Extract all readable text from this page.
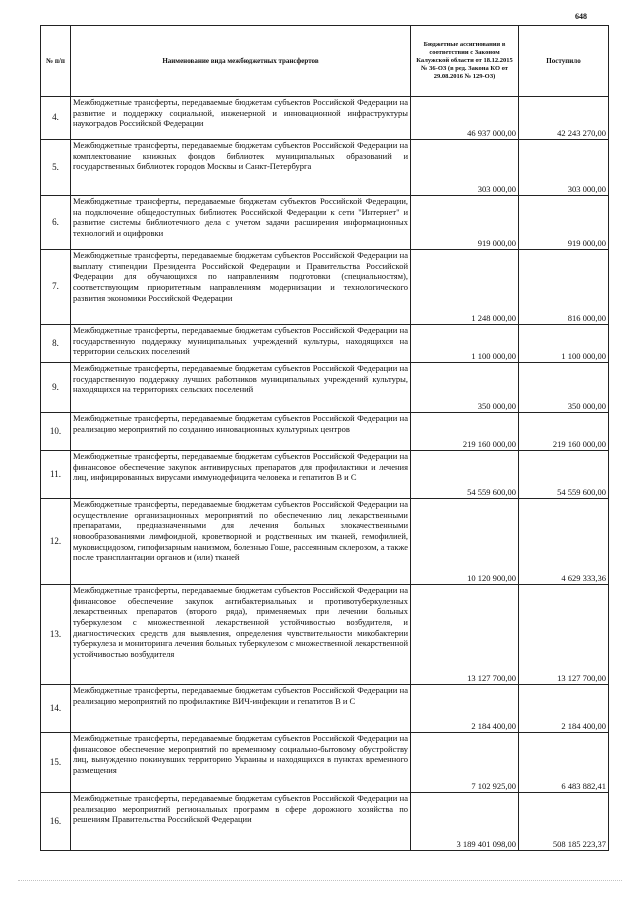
648
№ п/п	Наименование вида межбюджетных трансфертов	Бюджетные ассигнования в соответствии с Законом Калужской области от 18.12.2015 № 36-ОЗ (в ред. Закона КО от 29.08.2016 № 129-ОЗ)	Поступило
4.	Межбюджетные трансферты, передаваемые бюджетам субъектов Российской Федерации на развитие и поддержку социальной, инженерной и инновационной инфраструктуры наукоградов Российской Федерации	46 937 000,00	42 243 270,00
5.	Межбюджетные трансферты, передаваемые бюджетам субъектов Российской Федерации на комплектование книжных фондов библиотек муниципальных образований и государственных библиотек городов Москвы и Санкт-Петербурга	303 000,00	303 000,00
6.	Межбюджетные трансферты, передаваемые бюджетам субъектов Российской Федерации, на подключение общедоступных библиотек Российской Федерации к сети "Интернет" и развитие системы библиотечного дела с учетом задачи расширения информационных технологий и оцифровки	919 000,00	919 000,00
7.	Межбюджетные трансферты, передаваемые бюджетам субъектов Российской Федерации на выплату стипендии Президента Российской Федерации и Правительства Российской Федерации для обучающихся по направлениям подготовки (специальностям), соответствующим приоритетным направлениям модернизации и технологического развития экономики Российской Федерации	1 248 000,00	816 000,00
8.	Межбюджетные трансферты, передаваемые бюджетам субъектов Российской Федерации на государственную поддержку муниципальных учреждений культуры, находящихся на территории сельских поселений	1 100 000,00	1 100 000,00
9.	Межбюджетные трансферты, передаваемые бюджетам субъектов Российской Федерации на государственную поддержку лучших работников муниципальных учреждений культуры, находящихся на территориях сельских поселений	350 000,00	350 000,00
10.	Межбюджетные трансферты, передаваемые бюджетам субъектов Российской Федерации на реализацию мероприятий по созданию инновационных культурных центров	219 160 000,00	219 160 000,00
11.	Межбюджетные трансферты, передаваемые бюджетам субъектов Российской Федерации на финансовое обеспечение закупок антивирусных препаратов для профилактики и лечения лиц, инфицированных вирусами иммунодефицита человека и гепатитов В и С	54 559 600,00	54 559 600,00
12.	Межбюджетные трансферты, передаваемые бюджетам субъектов Российской Федерации на осуществление организационных мероприятий по обеспечению лиц лекарственными препаратами, предназначенными для лечения больных злокачественными новообразованиями лимфоидной, кроветворной и родственных им тканей, гемофилией, муковисцидозом, гипофизарным нанизмом, болезнью Гоше, рассеянным склерозом, а также после трансплантации органов и (или) тканей	10 120 900,00	4 629 333,36
13.	Межбюджетные трансферты, передаваемые бюджетам субъектов Российской Федерации на финансовое обеспечение закупок антибактериальных и противотуберкулезных лекарственных препаратов (второго ряда), применяемых при лечении больных туберкулезом с множественной лекарственной устойчивостью возбудителя, и диагностических средств для выявления, определения чувствительности микобактерии туберкулеза и мониторинга лечения больных туберкулезом с множественной лекарственной устойчивостью возбудителя	13 127 700,00	13 127 700,00
14.	Межбюджетные трансферты, передаваемые бюджетам субъектов Российской Федерации на реализацию мероприятий по профилактике ВИЧ-инфекции и гепатитов В и С	2 184 400,00	2 184 400,00
15.	Межбюджетные трансферты, передаваемые бюджетам субъектов Российской Федерации на финансовое обеспечение мероприятий по временному социально-бытовому обустройству лиц, вынужденно покинувших территорию Украины и находящихся в пунктах временного размещения	7 102 925,00	6 483 882,41
16.	Межбюджетные трансферты, передаваемые бюджетам субъектов Российской Федерации на реализацию мероприятий региональных программ в сфере дорожного хозяйства по решениям Правительства Российской Федерации	3 189 401 098,00	508 185 223,37
